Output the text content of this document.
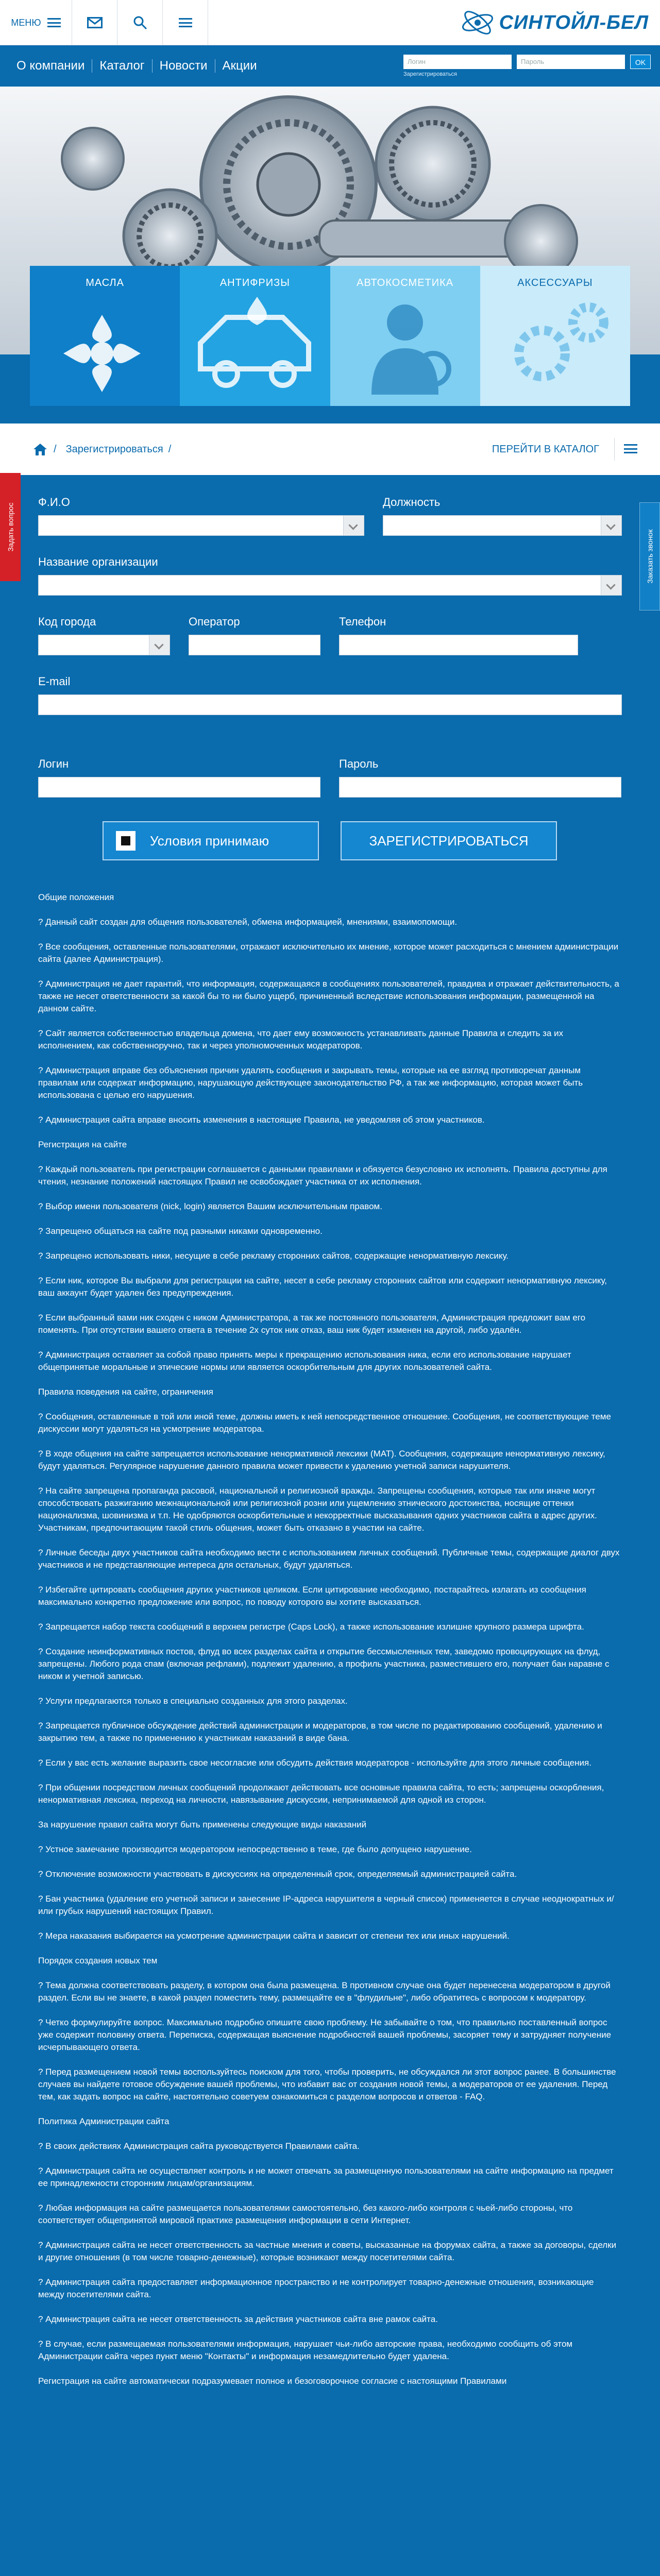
МЕНЮ	СИНТОЙЛ-БЕЛ
О компании	Каталог	Новости	Акции	Логин	Пароль	OK
Зарегистрироваться
МАСЛА	АНТИФРИЗЫ	АВТОКОСМЕТИКА	АКСЕССУАРЫ
/ Зарегистрироваться /	ПЕРЕЙТИ В КАТАЛОГ
Задать вопрос
Заказать звонок
Ф.И.О	Должность
Название организации
Код города	Оператор	Телефон
E-mail
Логин	Пароль
Условия принимаю	ЗАРЕГИСТРИРОВАТЬСЯ

Общие положения

? Данный сайт создан для общения пользователей, обмена информацией, мнениями, взаимопомощи.

? Все сообщения, оставленные пользователями, отражают исключительно их мнение, которое может расходиться с мнением администрации сайта (далее Администрация).

? Администрация не дает гарантий, что информация, содержащаяся в сообщениях пользователей, правдива и отражает действительность, а также не несет ответственности за какой бы то ни было ущерб, причиненный вследствие использования информации, размещенной на данном сайте.

? Сайт является собственностью владельца домена, что дает ему возможность устанавливать данные Правила и следить за их исполнением, как собственноручно, так и через уполномоченных модераторов.

? Администрация вправе без объяснения причин удалять сообщения и закрывать темы, которые на ее взгляд противоречат данным правилам или содержат информацию, нарушающую действующее законодательство РФ, а так же информацию, которая может быть использована с целью его нарушения.

? Администрация сайта вправе вносить изменения в настоящие Правила, не уведомляя об этом участников.

Регистрация на сайте

? Каждый пользователь при регистрации соглашается с данными правилами и обязуется безусловно их исполнять. Правила доступны для чтения, незнание положений настоящих Правил не освобождает участника от их исполнения.

? Выбор имени пользователя (nick, login) является Вашим исключительным правом.

? Запрещено общаться на сайте под разными никами одновременно.

? Запрещено использовать ники, несущие в себе рекламу сторонних сайтов, содержащие ненормативную лексику.

? Если ник, которое Вы выбрали для регистрации на сайте, несет в себе рекламу сторонних сайтов или содержит ненормативную лексику, ваш аккаунт будет удален без предупреждения.

? Если выбранный вами ник сходен с ником Администратора, а так же постоянного пользователя, Администрация предложит вам его поменять. При отсутствии вашего ответа в течение 2х суток ник отказ, ваш ник будет изменен на другой, либо удалён.

? Администрация оставляет за собой право принять меры к прекращению использования ника, если его использование нарушает общепринятые моральные и этические нормы или является оскорбительным для других пользователей сайта.

Правила поведения на сайте, ограничения

? Сообщения, оставленные в той или иной теме, должны иметь к ней непосредственное отношение. Сообщения, не соответствующие теме дискуссии могут удаляться на усмотрение модератора.

? В ходе общения на сайте запрещается использование ненормативной лексики (МАТ). Сообщения, содержащие ненормативную лексику, будут удаляться. Регулярное нарушение данного правила может привести к удалению учетной записи нарушителя.

? На сайте запрещена пропаганда расовой, национальной и религиозной вражды. Запрещены сообщения, которые так или иначе могут способствовать разжиганию межнациональной или религиозной розни или ущемлению этнического достоинства, носящие оттенки национализма, шовинизма и т.п. Не одобряются оскорбительные и некорректные высказывания одних участников сайта в адрес других. Участникам, предпочитающим такой стиль общения, может быть отказано в участии на сайте.

? Личные беседы двух участников сайта необходимо вести с использованием личных сообщений. Публичные темы, содержащие диалог двух участников и не представляющие интереса для остальных, будут удаляться.

? Избегайте цитировать сообщения других участников целиком. Если цитирование необходимо, постарайтесь излагать из сообщения максимально конкретно предложение или вопрос, по поводу которого вы хотите высказаться.

? Запрещается набор текста сообщений в верхнем регистре (Caps Lock), а также использование излишне крупного размера шрифта.

? Создание неинформативных постов, флуд во всех разделах сайта и открытие бессмысленных тем, заведомо провоцирующих на флуд, запрещены. Любого рода спам (включая рефлами), подлежит удалению, а профиль участника, разместившего его, получает бан наравне с ником и учетной записью.

? Услуги предлагаются только в специально созданных для этого разделах.

? Запрещается публичное обсуждение действий администрации и модераторов, в том числе по редактированию сообщений, удалению и закрытию тем, а также по применению к участникам наказаний в виде бана.

? Если у вас есть желание выразить свое несогласие или обсудить действия модераторов - используйте для этого личные сообщения.

? При общении посредством личных сообщений продолжают действовать все основные правила сайта, то есть; запрещены оскорбления, ненормативная лексика, переход на личности, навязывание дискуссии, непринимаемой для одной из сторон.

За нарушение правил сайта могут быть применены следующие виды наказаний

? Устное замечание производится модератором непосредственно в теме, где было допущено нарушение.

? Отключение возможности участвовать в дискуссиях на определенный срок, определяемый администрацией сайта.

? Бан участника (удаление его учетной записи и занесение IP-адреса нарушителя в черный список) применяется в случае неоднократных и/или грубых нарушений настоящих Правил.

? Мера наказания выбирается на усмотрение администрации сайта и зависит от степени тех или иных нарушений.

Порядок создания новых тем

? Тема должна соответствовать разделу, в котором она была размещена. В противном случае она будет перенесена модератором в другой раздел. Если вы не знаете, в какой раздел поместить тему, размещайте ее в "флудильне", либо обратитесь с вопросом к модератору.

? Четко формулируйте вопрос. Максимально подробно опишите свою проблему. Не забывайте о том, что правильно поставленный вопрос уже содержит половину ответа. Переписка, содержащая выяснение подробностей вашей проблемы, засоряет тему и затрудняет получение исчерпывающего ответа.

? Перед размещением новой темы воспользуйтесь поиском для того, чтобы проверить, не обсуждался ли этот вопрос ранее. В большинстве случаев вы найдете готовое обсуждение вашей проблемы, что избавит вас от создания новой темы, а модераторов от ее удаления. Перед тем, как задать вопрос на сайте, настоятельно советуем ознакомиться с разделом вопросов и ответов - FAQ.

Политика Администрации сайта

? В своих действиях Администрация сайта руководствуется Правилами сайта.

? Администрация сайта не осуществляет контроль и не может отвечать за размещенную пользователями на сайте информацию на предмет ее принадлежности сторонним лицам/организациям.

? Любая информация на сайте размещается пользователями самостоятельно, без какого-либо контроля с чьей-либо стороны, что соответствует общепринятой мировой практике размещения информации в сети Интернет.

? Администрация сайта не несет ответственность за частные мнения и советы, высказанные на форумах сайта, а также за договоры, сделки и другие отношения (в том числе товарно-денежные), которые возникают между посетителями сайта.

? Администрация сайта предоставляет информационное пространство и не контролирует товарно-денежные отношения, возникающие между посетителями сайта.

? Администрация сайта не несет ответственность за действия участников сайта вне рамок сайта.

? В случае, если размещаемая пользователями информация, нарушает чьи-либо авторские права, необходимо сообщить об этом Администрации сайта через пункт меню "Контакты" и информация незамедлительно будет удалена.

Регистрация на сайте автоматически подразумевает полное и безоговорочное согласие с настоящими Правилами
